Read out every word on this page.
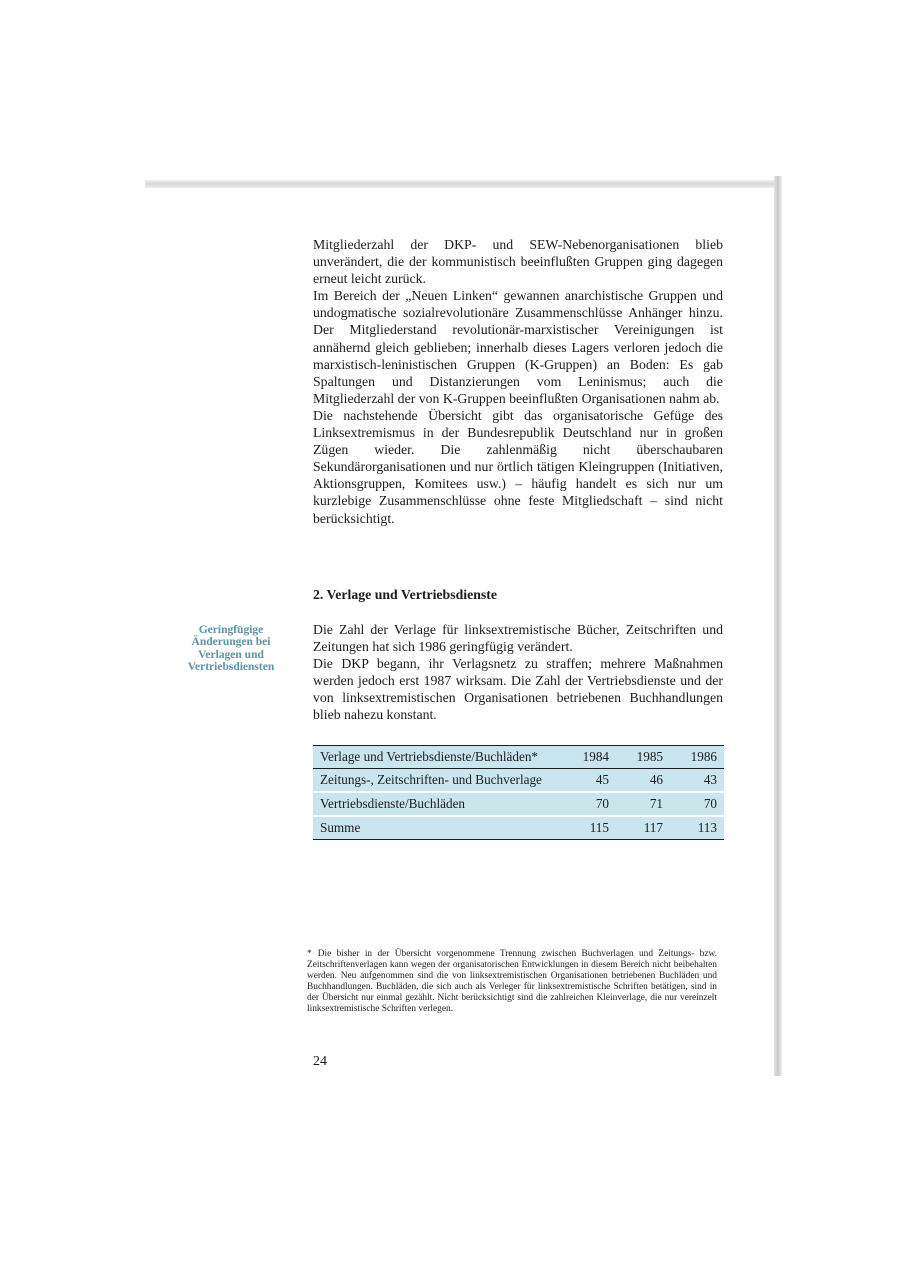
Mitgliederzahl der DKP- und SEW-Nebenorganisationen blieb unverändert, die der kommunistisch beeinflußten Gruppen ging dagegen erneut leicht zurück.

Im Bereich der „Neuen Linken“ gewannen anarchistische Gruppen und undogmatische sozialrevolutionäre Zusammenschlüsse Anhänger hinzu. Der Mitgliederstand revolutionär-marxistischer Vereinigungen ist annähernd gleich geblieben; innerhalb dieses Lagers verloren jedoch die marxistisch-leninistischen Gruppen (K-Gruppen) an Boden: Es gab Spaltungen und Distanzierungen vom Leninismus; auch die Mitgliederzahl der von K-Gruppen beeinflußten Organisationen nahm ab.

Die nachstehende Übersicht gibt das organisatorische Gefüge des Linksextremismus in der Bundesrepublik Deutschland nur in großen Zügen wieder. Die zahlenmäßig nicht überschaubaren Sekundärorganisationen und nur örtlich tätigen Kleingruppen (Initiativen, Aktionsgruppen, Komitees usw.) – häufig handelt es sich nur um kurzlebige Zusammenschlüsse ohne feste Mitgliedschaft – sind nicht berücksichtigt.

2. Verlage und Vertriebsdienste
Geringfügige Änderungen bei Verlagen und Vertriebsdiensten

Die Zahl der Verlage für linksextremistische Bücher, Zeitschriften und Zeitungen hat sich 1986 geringfügig verändert.

Die DKP begann, ihr Verlagsnetz zu straffen; mehrere Maßnahmen werden jedoch erst 1987 wirksam. Die Zahl der Vertriebsdienste und der von linksextremistischen Organisationen betriebenen Buchhandlungen blieb nahezu konstant.

Verlage und Vertriebsdienste/Buchläden*	1984	1985	1986
Zeitungs-, Zeitschriften- und Buchverlage	45	46	43
Vertriebsdienste/Buchläden	70	71	70
Summe	115	117	113
* Die bisher in der Übersicht vorgenommene Trennung zwischen Buchverlagen und Zeitungs- bzw. Zeitschriftenverlagen kann wegen der organisatorischen Entwicklungen in diesem Bereich nicht beibehalten werden. Neu aufgenommen sind die von linksextremistischen Organisationen betriebenen Buchläden und Buchhandlungen. Buchläden, die sich auch als Verleger für linksextremistische Schriften betätigen, sind in der Übersicht nur einmal gezählt. Nicht berücksichtigt sind die zahlreichen Kleinverlage, die nur vereinzelt linksextremistische Schriften verlegen.
24
